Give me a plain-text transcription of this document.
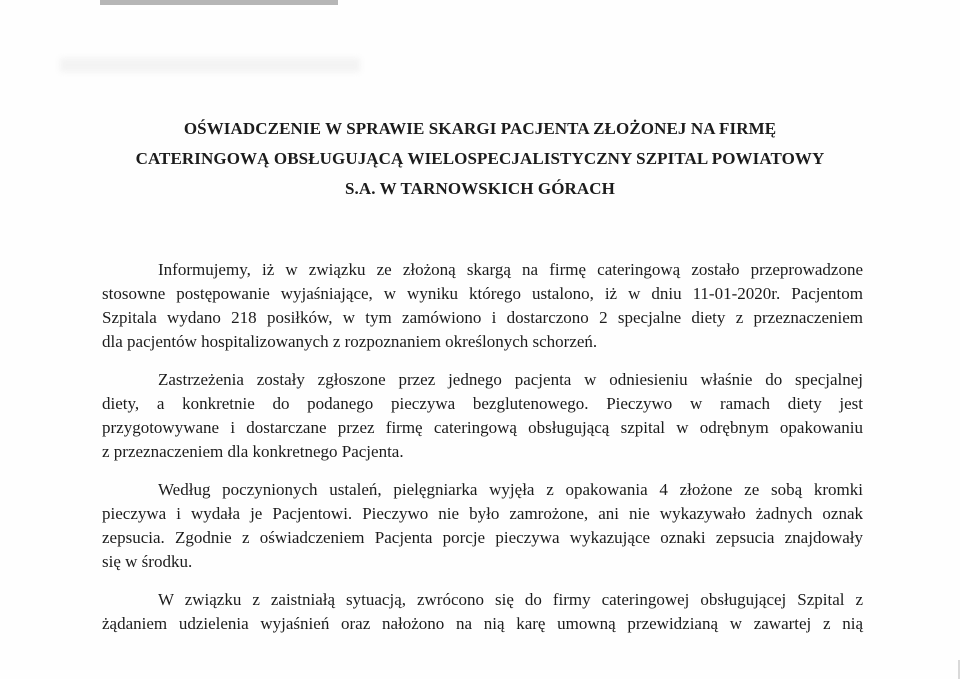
OŚWIADCZENIE W SPRAWIE SKARGI PACJENTA ZŁOŻONEJ NA FIRMĘ
CATERINGOWĄ OBSŁUGUJĄCĄ WIELOSPECJALISTYCZNY SZPITAL POWIATOWY
S.A. W TARNOWSKICH GÓRACH

Informujemy, iż w związku ze złożoną skargą na firmę cateringową zostało przeprowadzone
stosowne postępowanie wyjaśniające, w wyniku którego ustalono, iż w dniu 11-01-2020r. Pacjentom
Szpitala wydano 218 posiłków, w tym zamówiono i dostarczono 2 specjalne diety z przeznaczeniem
dla pacjentów hospitalizowanych z rozpoznaniem określonych schorzeń.

Zastrzeżenia zostały zgłoszone przez jednego pacjenta w odniesieniu właśnie do specjalnej
diety, a konkretnie do podanego pieczywa bezglutenowego. Pieczywo w ramach diety jest
przygotowywane i dostarczane przez firmę cateringową obsługującą szpital w odrębnym opakowaniu
z przeznaczeniem dla konkretnego Pacjenta.

Według poczynionych ustaleń, pielęgniarka wyjęła z opakowania 4 złożone ze sobą kromki
pieczywa i wydała je Pacjentowi. Pieczywo nie było zamrożone, ani nie wykazywało żadnych oznak
zepsucia. Zgodnie z oświadczeniem Pacjenta porcje pieczywa wykazujące oznaki zepsucia znajdowały
się w środku.

W związku z zaistniałą sytuacją, zwrócono się do firmy cateringowej obsługującej Szpital z
żądaniem udzielenia wyjaśnień oraz nałożono na nią karę umowną przewidzianą w zawartej z nią
